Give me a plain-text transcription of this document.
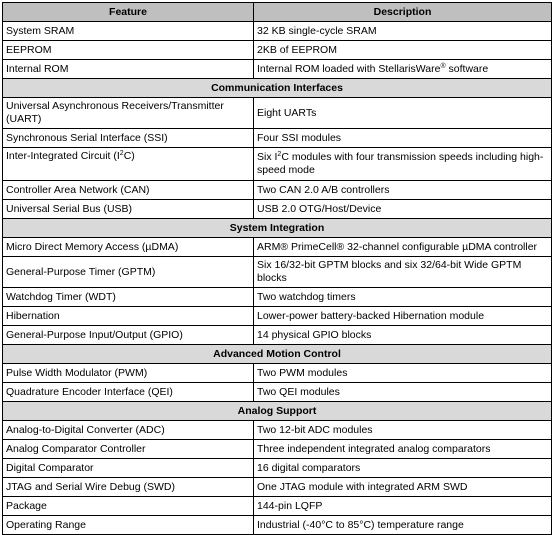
Feature	Description
System SRAM	32 KB single-cycle SRAM
EEPROM	2KB of EEPROM
Internal ROM	Internal ROM loaded with StellarisWare® software
Communication Interfaces	
Universal Asynchronous Receivers/Transmitter (UART)	Eight UARTs
Synchronous Serial Interface (SSI)	Four SSI modules
Inter-Integrated Circuit $(I^2C)$	Six $I^2C$ modules with four transmission speeds including high-speed mode
Controller Area Network (CAN)	Two CAN 2.0 A/B controllers
Universal Serial Bus (USB)	USB 2.0 OTG/Host/Device
System Integration	
Micro Direct Memory Access (µDMA)	ARM® PrimeCell® 32-channel configurable µDMA controller
General-Purpose Timer (GPTM)	Six 16/32-bit GPTM blocks and six 32/64-bit Wide GPTM blocks
Watchdog Timer (WDT)	Two watchdog timers
Hibernation	Lower-power battery-backed Hibernation module
General-Purpose Input/Output (GPIO)	14 physical GPIO blocks
Advanced Motion Control	
Pulse Width Modulator (PWM)	Two PWM modules
Quadrature Encoder Interface (QEI)	Two QEI modules
Analog Support	
Analog-to-Digital Converter (ADC)	Two 12-bit ADC modules
Analog Comparator Controller	Three independent integrated analog comparators
Digital Comparator	16 digital comparators
JTAG and Serial Wire Debug (SWD)	One JTAG module with integrated ARM SWD
Package	144-pin LQFP
Operating Range	Industrial (-40°C to 85°C) temperature range
